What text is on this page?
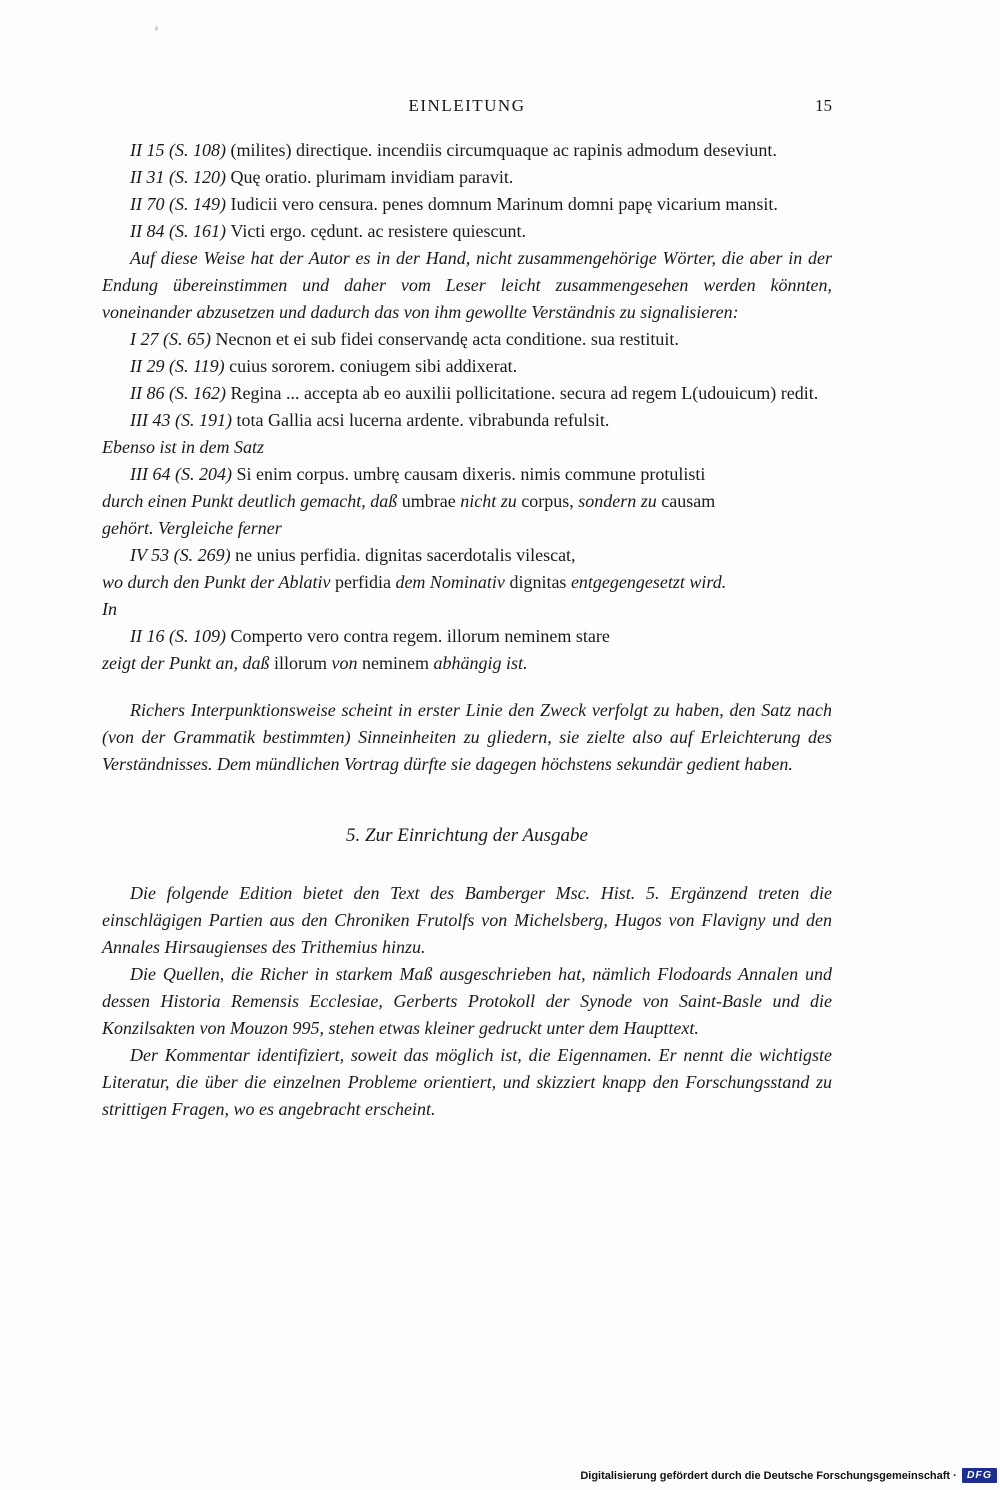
EINLEITUNG	15

II 15 (S. 108) (milites) directique. incendiis circumquaque ac rapinis admodum deseviunt.

II 31 (S. 120) Quę oratio. plurimam invidiam paravit.

II 70 (S. 149) Iudicii vero censura. penes domnum Marinum domni papę vicarium mansit.

II 84 (S. 161) Victi ergo. cędunt. ac resistere quiescunt.

Auf diese Weise hat der Autor es in der Hand, nicht zusammengehörige Wörter, die aber in der Endung übereinstimmen und daher vom Leser leicht zusammengesehen werden könnten, voneinander abzusetzen und dadurch das von ihm gewollte Verständnis zu signalisieren:

I 27 (S. 65) Necnon et ei sub fidei conservandę acta conditione. sua restituit.

II 29 (S. 119) cuius sororem. coniugem sibi addixerat.

II 86 (S. 162) Regina ... accepta ab eo auxilii pollicitatione. secura ad regem L(udouicum) redit.

III 43 (S. 191) tota Gallia acsi lucerna ardente. vibrabunda refulsit.

Ebenso ist in dem Satz

III 64 (S. 204) Si enim corpus. umbrę causam dixeris. nimis commune protulisti

durch einen Punkt deutlich gemacht, daß umbrae nicht zu corpus, sondern zu causam
gehört. Vergleiche ferner

IV 53 (S. 269) ne unius perfidia. dignitas sacerdotalis vilescat,

wo durch den Punkt der Ablativ perfidia dem Nominativ dignitas entgegengesetzt wird.
In

II 16 (S. 109) Comperto vero contra regem. illorum neminem stare

zeigt der Punkt an, daß illorum von neminem abhängig ist.

Richers Interpunktionsweise scheint in erster Linie den Zweck verfolgt zu haben, den Satz nach (von der Grammatik bestimmten) Sinneinheiten zu gliedern, sie zielte also auf Erleichterung des Verständnisses. Dem mündlichen Vortrag dürfte sie dagegen höchstens sekundär gedient haben.

5. Zur Einrichtung der Ausgabe

Die folgende Edition bietet den Text des Bamberger Msc. Hist. 5. Ergänzend treten die einschlägigen Partien aus den Chroniken Frutolfs von Michelsberg, Hugos von Flavigny und den Annales Hirsaugienses des Trithemius hinzu.

Die Quellen, die Richer in starkem Maß ausgeschrieben hat, nämlich Flodoards Annalen und dessen Historia Remensis Ecclesiae, Gerberts Protokoll der Synode von Saint-Basle und die Konzilsakten von Mouzon 995, stehen etwas kleiner gedruckt unter dem Haupttext.

Der Kommentar identifiziert, soweit das möglich ist, die Eigennamen. Er nennt die wichtigste Literatur, die über die einzelnen Probleme orientiert, und skizziert knapp den Forschungsstand zu strittigen Fragen, wo es angebracht erscheint.

Digitalisierung gefördert durch die Deutsche Forschungsgemeinschaft · DFG
